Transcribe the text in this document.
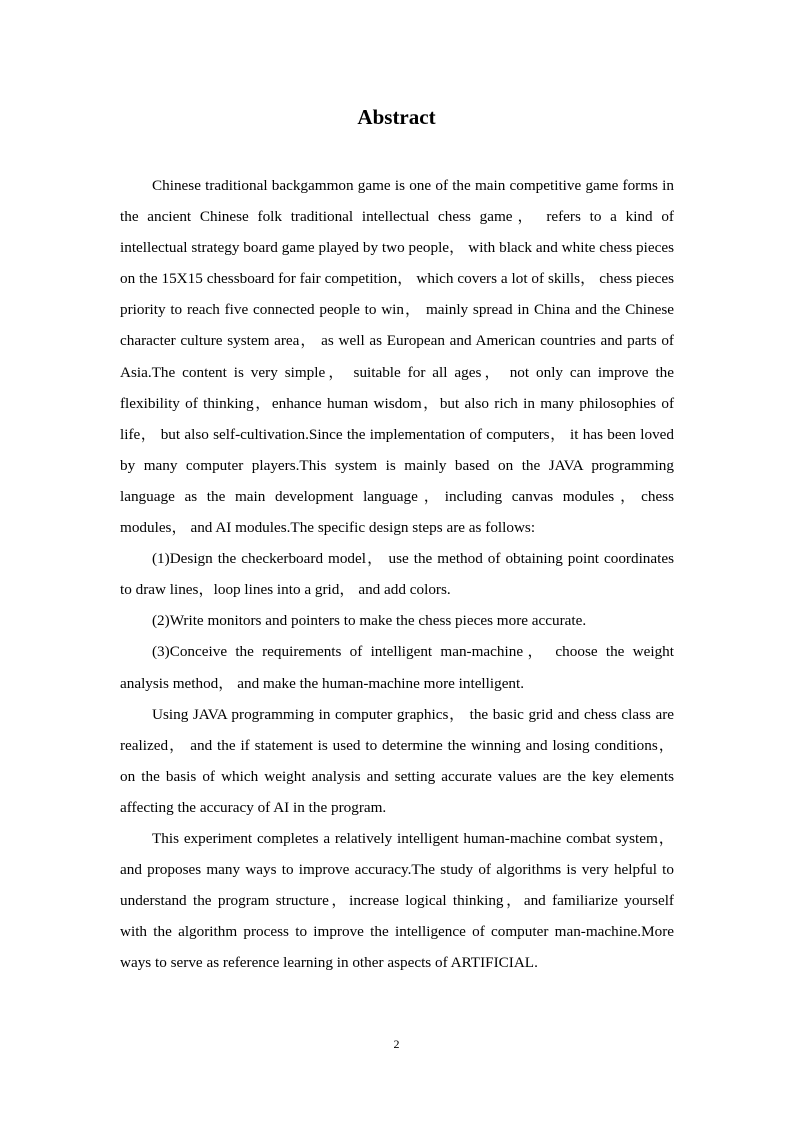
Abstract

Chinese traditional backgammon game is one of the main competitive game forms in the ancient Chinese folk traditional intellectual chess game， refers to a kind of intellectual strategy board game played by two people， with black and white chess pieces on the 15X15 chessboard for fair competition， which covers a lot of skills， chess pieces priority to reach five connected people to win， mainly spread in China and the Chinese character culture system area， as well as European and American countries and parts of Asia.The content is very simple， suitable for all ages， not only can improve the flexibility of thinking，enhance human wisdom，but also rich in many philosophies of life， but also self-cultivation.Since the implementation of computers， it has been loved by many computer players.This system is mainly based on the JAVA programming language as the main development language，including canvas modules，chess modules， and AI modules.The specific design steps are as follows:

(1)Design the checkerboard model， use the method of obtaining point coordinates to draw lines，loop lines into a grid， and add colors.

(2)Write monitors and pointers to make the chess pieces more accurate.

(3)Conceive the requirements of intelligent man-machine， choose the weight analysis method， and make the human-machine more intelligent.

Using JAVA programming in computer graphics， the basic grid and chess class are realized， and the if statement is used to determine the winning and losing conditions， on the basis of which weight analysis and setting accurate values are the key elements affecting the accuracy of AI in the program.

This experiment completes a relatively intelligent human-machine combat system，and proposes many ways to improve accuracy.The study of algorithms is very helpful to understand the program structure，increase logical thinking，and familiarize yourself with the algorithm process to improve the intelligence of computer man-machine.More ways to serve as reference learning in other aspects of ARTIFICIAL.

2
